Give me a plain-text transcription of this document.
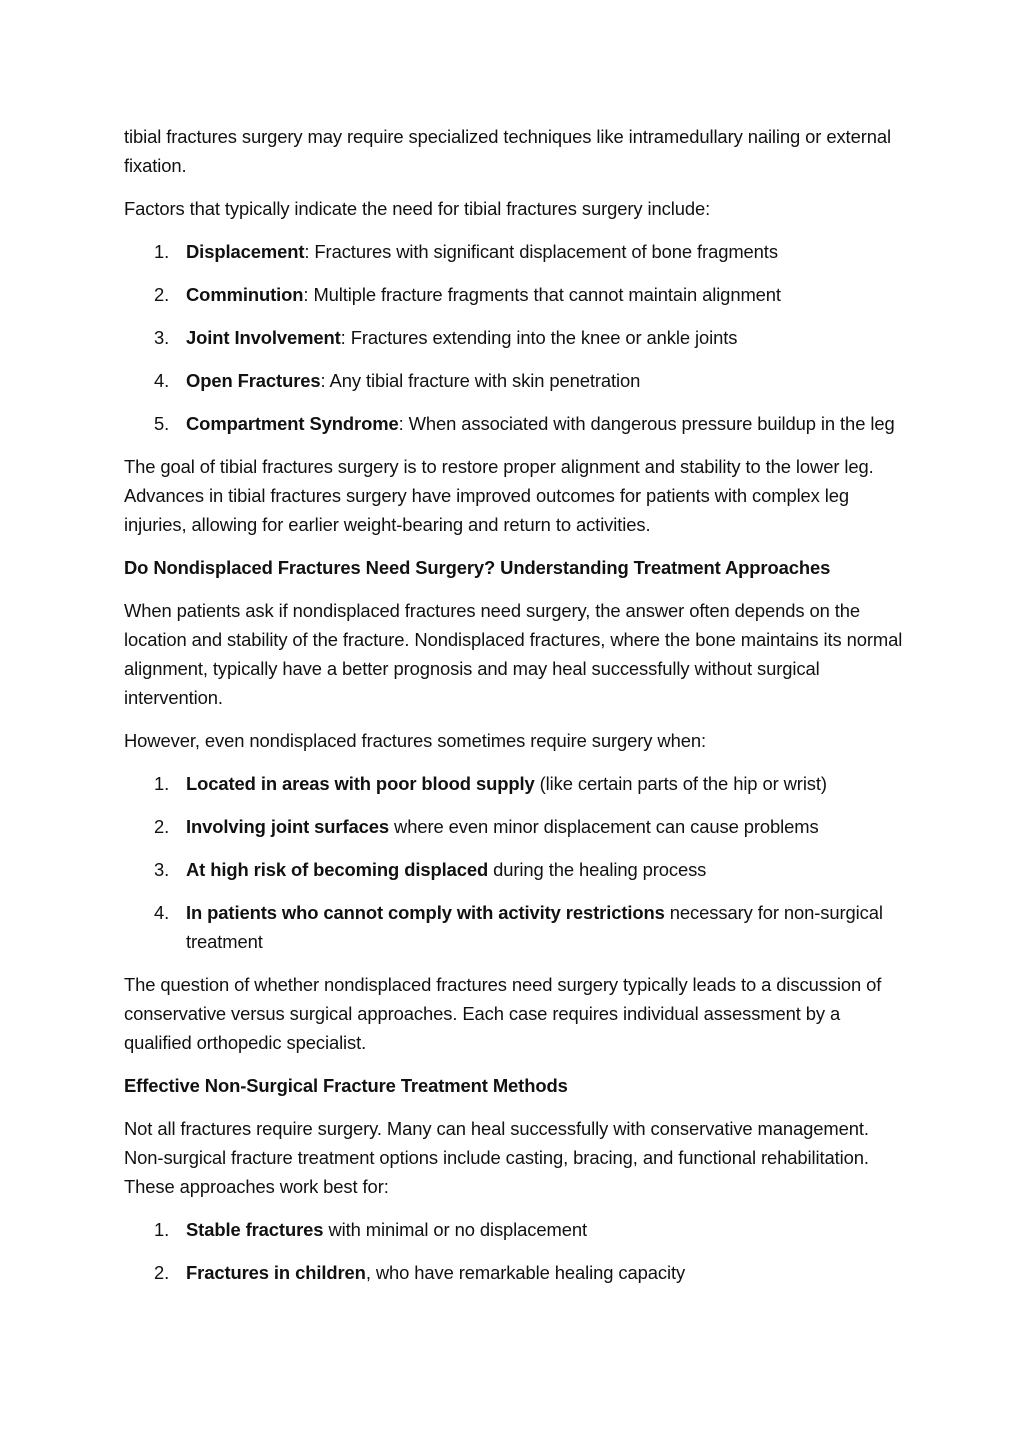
tibial fractures surgery may require specialized techniques like intramedullary nailing or external fixation.

Factors that typically indicate the need for tibial fractures surgery include:

1. Displacement: Fractures with significant displacement of bone fragments
2. Comminution: Multiple fracture fragments that cannot maintain alignment
3. Joint Involvement: Fractures extending into the knee or ankle joints
4. Open Fractures: Any tibial fracture with skin penetration
5. Compartment Syndrome: When associated with dangerous pressure buildup in the leg

The goal of tibial fractures surgery is to restore proper alignment and stability to the lower leg. Advances in tibial fractures surgery have improved outcomes for patients with complex leg injuries, allowing for earlier weight-bearing and return to activities.

Do Nondisplaced Fractures Need Surgery? Understanding Treatment Approaches

When patients ask if nondisplaced fractures need surgery, the answer often depends on the location and stability of the fracture. Nondisplaced fractures, where the bone maintains its normal alignment, typically have a better prognosis and may heal successfully without surgical intervention.

However, even nondisplaced fractures sometimes require surgery when:

1. Located in areas with poor blood supply (like certain parts of the hip or wrist)
2. Involving joint surfaces where even minor displacement can cause problems
3. At high risk of becoming displaced during the healing process
4. In patients who cannot comply with activity restrictions necessary for non-surgical treatment

The question of whether nondisplaced fractures need surgery typically leads to a discussion of conservative versus surgical approaches. Each case requires individual assessment by a qualified orthopedic specialist.

Effective Non-Surgical Fracture Treatment Methods

Not all fractures require surgery. Many can heal successfully with conservative management. Non-surgical fracture treatment options include casting, bracing, and functional rehabilitation. These approaches work best for:

1. Stable fractures with minimal or no displacement
2. Fractures in children, who have remarkable healing capacity
